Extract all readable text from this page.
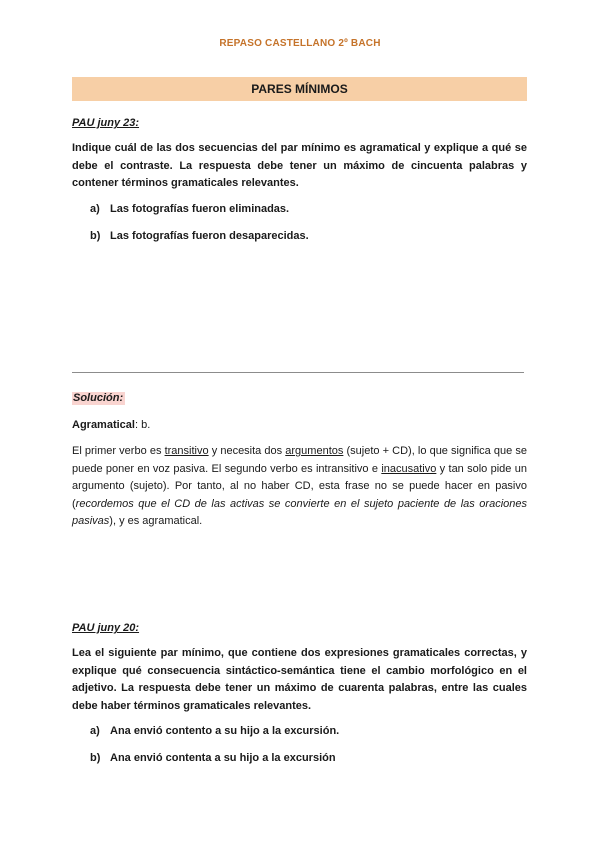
REPASO CASTELLANO 2º BACH
PARES MÍNIMOS
PAU juny 23:
Indique cuál de las dos secuencias del par mínimo es agramatical y explique a qué se debe el contraste. La respuesta debe tener un máximo de cincuenta palabras y contener términos gramaticales relevantes.
a) Las fotografías fueron eliminadas.
b) Las fotografías fueron desaparecidas.
Solución:
Agramatical: b.
El primer verbo es transitivo y necesita dos argumentos (sujeto + CD), lo que significa que se puede poner en voz pasiva. El segundo verbo es intransitivo e inacusativo y tan solo pide un argumento (sujeto). Por tanto, al no haber CD, esta frase no se puede hacer en pasivo (recordemos que el CD de las activas se convierte en el sujeto paciente de las oraciones pasivas), y es agramatical.
PAU juny 20:
Lea el siguiente par mínimo, que contiene dos expresiones gramaticales correctas, y explique qué consecuencia sintáctico-semántica tiene el cambio morfológico en el adjetivo. La respuesta debe tener un máximo de cuarenta palabras, entre las cuales debe haber términos gramaticales relevantes.
a) Ana envió contento a su hijo a la excursión.
b) Ana envió contenta a su hijo a la excursión
